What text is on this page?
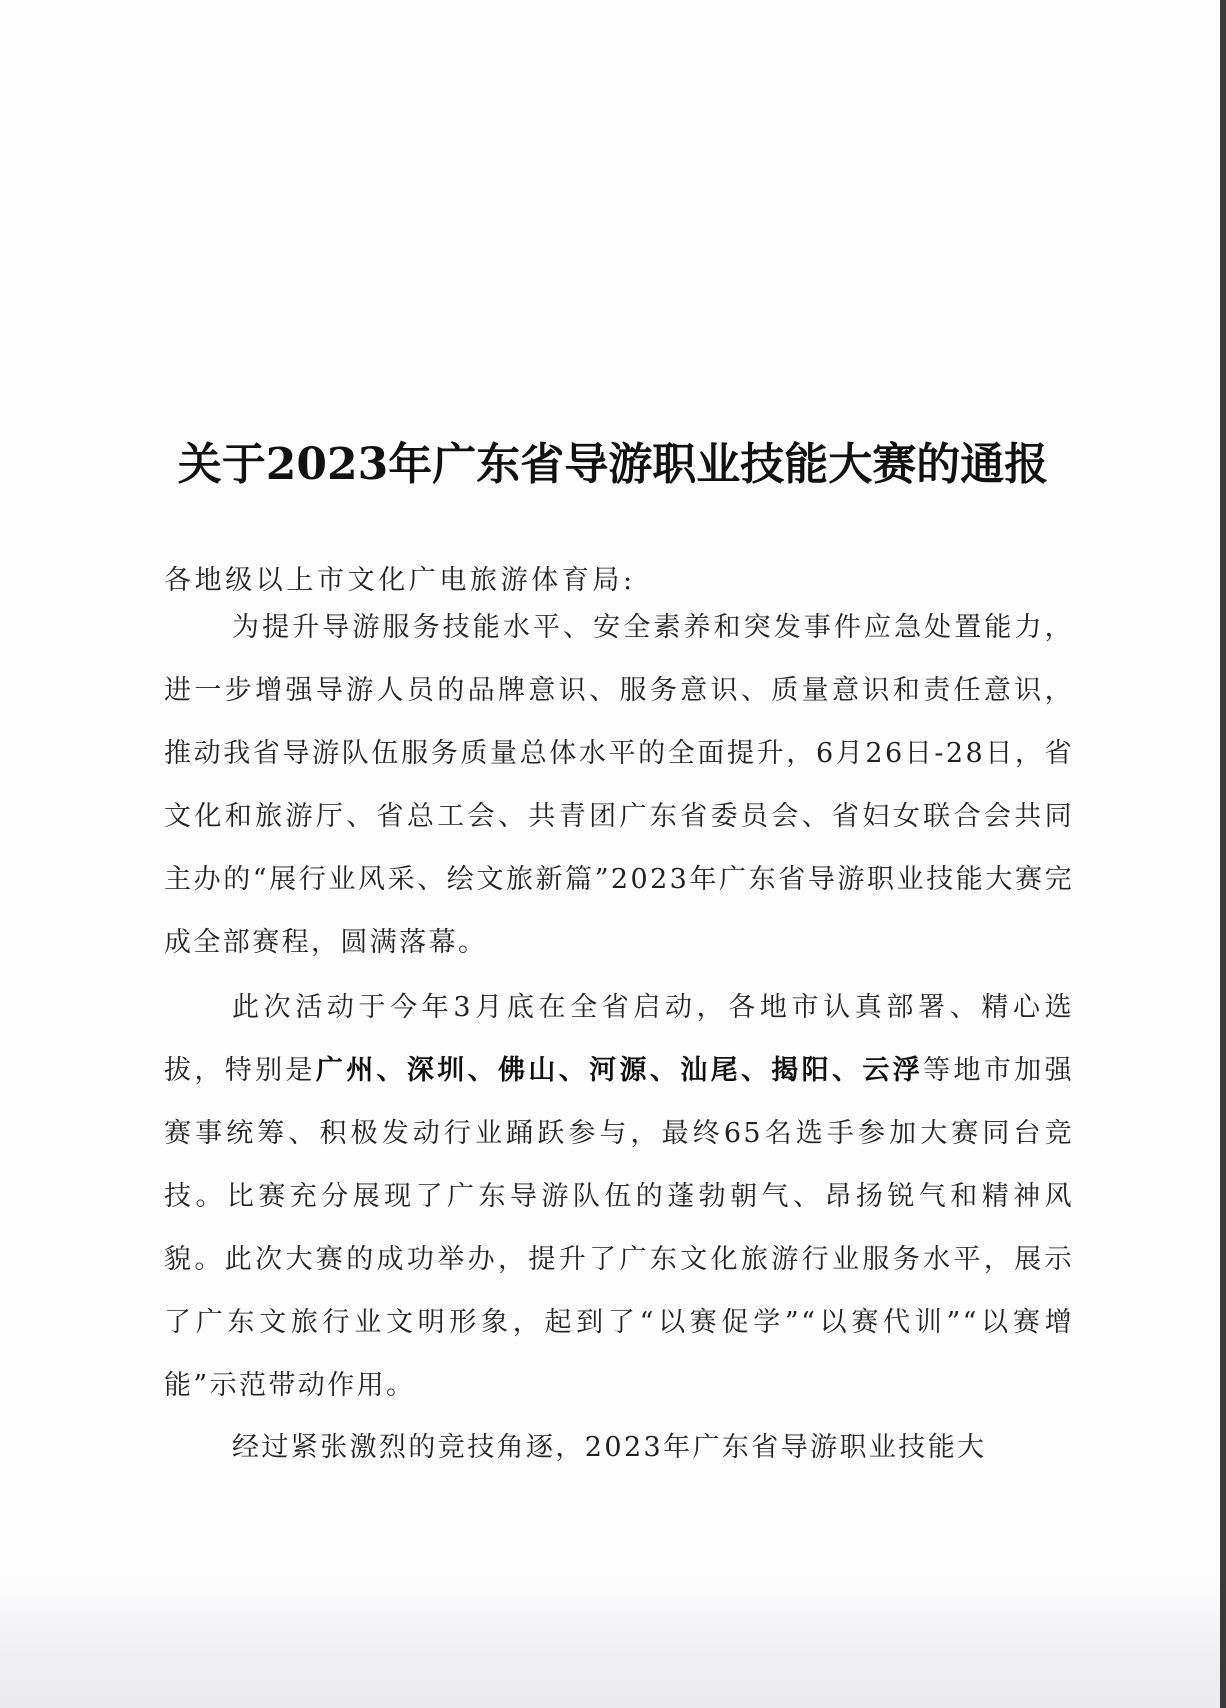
关于2023年广东省导游职业技能大赛的通报
各地级以上市文化广电旅游体育局:
为提升导游服务技能水平、安全素养和突发事件应急处置能力，进一步增强导游人员的品牌意识、服务意识、质量意识和责任意识，推动我省导游队伍服务质量总体水平的全面提升，6月26日-28日，省文化和旅游厅、省总工会、共青团广东省委员会、省妇女联合会共同主办的“展行业风采、绘文旅新篇”2023年广东省导游职业技能大赛完成全部赛程，圆满落幕。
此次活动于今年3月底在全省启动，各地市认真部署、精心选拔，特别是广州、深圳、佛山、河源、汕尾、揭阳、云浮等地市加强赛事统筹、积极发动行业踊跃参与，最终65名选手参加大赛同台竞技。比赛充分展现了广东导游队伍的蓬勃朝气、昂扬锐气和精神风貌。此次大赛的成功举办，提升了广东文化旅游行业服务水平，展示了广东文旅行业文明形象，起到了“以赛促学”“以赛代训”“以赛增能”示范带动作用。
经过紧张激烈的竞技角逐，2023年广东省导游职业技能大
